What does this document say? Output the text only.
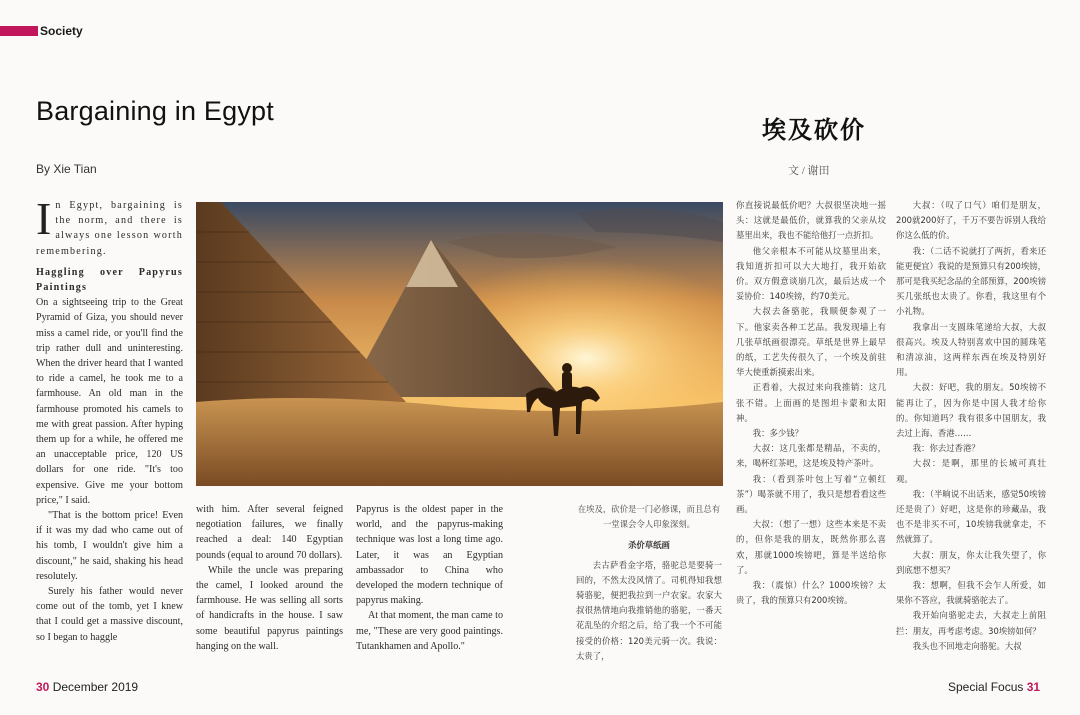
Society
Bargaining in Egypt
By Xie Tian
埃及砍价
文 / 谢田

In Egypt, bargaining is the norm, and there is always one lesson worth remembering.

Haggling over Papyrus Paintings

On a sightseeing trip to the Great Pyramid of Giza, you should never miss a camel ride, or you'll find the trip rather dull and uninteresting. When the driver heard that I wanted to ride a camel, he took me to a farmhouse. An old man in the farmhouse promoted his camels to me with great passion. After hyping them up for a while, he offered me an unacceptable price, 120 US dollars for one ride. "It's too expensive. Give me your bottom price," I said.

"That is the bottom price! Even if it was my dad who came out of his tomb, I wouldn't give him a discount," he said, shaking his head resolutely.

Surely his father would never come out of the tomb, yet I knew that I could get a massive discount, so I began to haggle

with him. After several feigned negotiation failures, we finally reached a deal: 140 Egyptian pounds (equal to around 70 dollars).

While the uncle was preparing the camel, I looked around the farmhouse. He was selling all sorts of handicrafts in the house. I saw some beautiful papyrus paintings hanging on the wall.

Papyrus is the oldest paper in the world, and the papyrus-making technique was lost a long time ago. Later, it was an Egyptian ambassador to China who developed the modern technique of papyrus making.

At that moment, the man came to me, "These are very good paintings. Tutankhamen and Apollo."

在埃及，砍价是一门必修课，而且总有一堂课会令人印象深刻。

杀价草纸画

去古萨看金字塔，骆驼总是要骑一回的，不然太没风情了。司机得知我想骑骆驼，便把我拉到一户农家。农家大叔很热情地向我推销他的骆驼，一番天花乱坠的介绍之后，给了我一个不可能接受的价格：120美元骑一次。我说：太贵了，

你直接说最低价吧？大叔很坚决地一摇头：这就是最低价，就算我的父亲从坟墓里出来，我也不能给他打一点折扣。

他父亲根本不可能从坟墓里出来，我知道折扣可以大大地打，我开始砍价。双方假意谈崩几次，最后达成一个妥协价：140埃镑，约70美元。

大叔去备骆驼，我顺便参观了一下。他家卖各种工艺品。我发现墙上有几张草纸画很漂亮。草纸是世界上最早的纸，工艺失传很久了，一个埃及前驻华大使重新摸索出来。

正看着，大叔过来向我推销：这几张不错。上面画的是图坦卡蒙和太阳神。

我：多少钱？

大叔：这几张都是精品，不卖的，来，喝杯红茶吧，这是埃及特产茶叶。

我：（看到茶叶包上写着“立顿红茶”）喝茶就不用了，我只是想看看这些画。

大叔：（想了一想）这些本来是不卖的，但你是我的朋友，既然你那么喜欢，那就1000埃镑吧，算是半送给你了。

我：（震惊）什么？1000埃镑？太贵了，我的预算只有200埃镑。

大叔：（叹了口气）咱们是朋友，200就200好了，千万不要告诉别人我给你这么低的价。

我：（二话不说就打了两折，看来还能更便宜）我说的是预算只有200埃镑，那可是我买纪念品的全部预算，200埃镑买几张纸也太贵了。你看，我这里有个小礼物。

我拿出一支圆珠笔递给大叔，大叔很高兴。埃及人特别喜欢中国的圆珠笔和清凉油，这两样东西在埃及特别好用。

大叔：好吧，我的朋友。50埃镑不能再让了，因为你是中国人我才给你的。你知道吗？我有很多中国朋友，我去过上海、香港……

我：你去过香港？

大叔：是啊，那里的长城可真壮观。

我：（半晌说不出话来，感觉50埃镑还是贵了）好吧，这是你的珍藏品，我也不是非买不可，10埃镑我就拿走，不然就算了。

大叔：朋友，你太让我失望了，你到底想不想买？

我：想啊，但我不会乍人所爱，如果你不答应，我就骑骆驼去了。

我开始向骆驼走去，大叔走上前阻拦：朋友，再考虑考虑。30埃镑如何？

我头也不回地走向骆驼。大叔

30 December 2019	Special Focus 31
